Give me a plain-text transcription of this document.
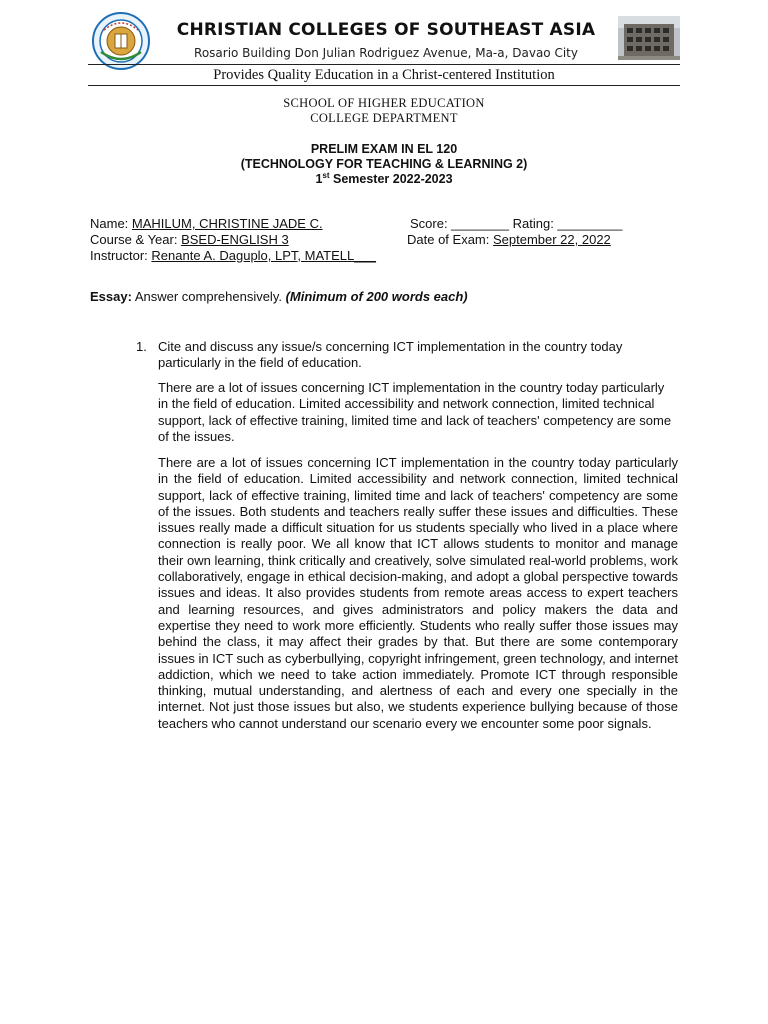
CHRISTIAN COLLEGES OF SOUTHEAST ASIA
Rosario Building Don Julian Rodriguez Avenue, Ma-a, Davao City
Provides Quality Education in a Christ-centered Institution
SCHOOL OF HIGHER EDUCATION
COLLEGE DEPARTMENT
PRELIM EXAM IN EL 120
(TECHNOLOGY FOR TEACHING & LEARNING 2)
1st Semester 2022-2023
Name: MAHILUM, CHRISTINE JADE C.	Score: ________ Rating: _________
Course & Year: BSED-ENGLISH 3	Date of Exam: September 22, 2022
Instructor: Renante A. Daguplo, LPT, MATELL___
Essay: Answer comprehensively. (Minimum of 200 words each)
1. Cite and discuss any issue/s concerning ICT implementation in the country today particularly in the field of education.
There are a lot of issues concerning ICT implementation in the country today particularly in the field of education. Limited accessibility and network connection, limited technical support, lack of effective training, limited time and lack of teachers' competency are some of the issues.
There are a lot of issues concerning ICT implementation in the country today particularly in the field of education. Limited accessibility and network connection, limited technical support, lack of effective training, limited time and lack of teachers' competency are some of the issues. Both students and teachers really suffer these issues and difficulties. These issues really made a difficult situation for us students specially who lived in a place where connection is really poor. We all know that ICT allows students to monitor and manage their own learning, think critically and creatively, solve simulated real-world problems, work collaboratively, engage in ethical decision-making, and adopt a global perspective towards issues and ideas. It also provides students from remote areas access to expert teachers and learning resources, and gives administrators and policy makers the data and expertise they need to work more efficiently. Students who really suffer those issues may behind the class, it may affect their grades by that. But there are some contemporary issues in ICT such as cyberbullying, copyright infringement, green technology, and internet addiction, which we need to take action immediately. Promote ICT through responsible thinking, mutual understanding, and alertness of each and every one specially in the internet. Not just those issues but also, we students experience bullying because of those teachers who cannot understand our scenario every we encounter some poor signals.
